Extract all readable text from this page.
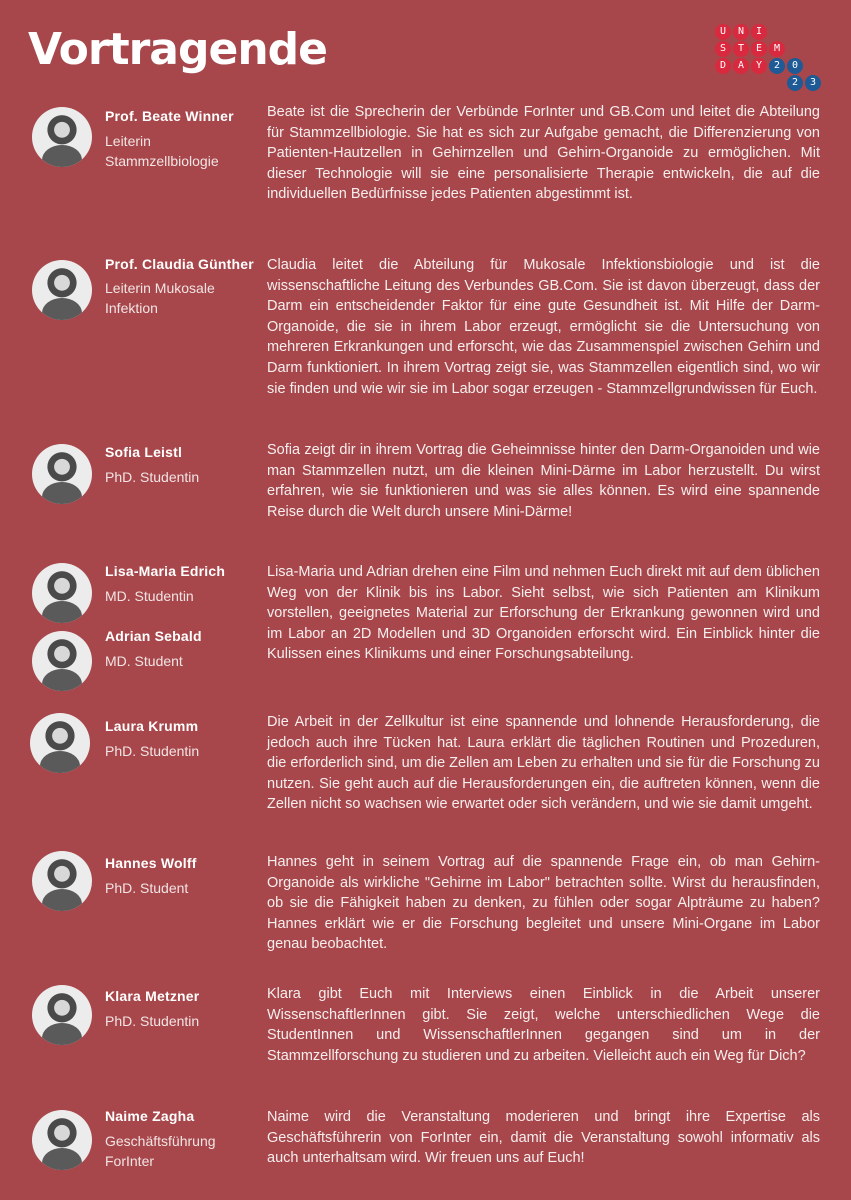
Vortragende	U	N	I
S	T	E	M
D	A	Y	2	0
2	3
Prof. Beate Winner
Leiterin
Stammzellbiologie

Beate ist die Sprecherin der Verbünde ForInter und GB.Com und leitet die Abteilung für Stammzellbiologie. Sie hat es sich zur Aufgabe gemacht, die Differenzierung von Patienten-Hautzellen in Gehirnzellen und Gehirn-Organoide zu ermöglichen. Mit dieser Technologie will sie eine personalisierte Therapie entwickeln, die auf die individuellen Bedürfnisse jedes Patienten abgestimmt ist.

Prof. Claudia Günther
Leiterin Mukosale
Infektion

Claudia leitet die Abteilung für Mukosale Infektionsbiologie und ist die wissenschaftliche Leitung des Verbundes GB.Com. Sie ist davon überzeugt, dass der Darm ein entscheidender Faktor für eine gute Gesundheit ist. Mit Hilfe der Darm-Organoide, die sie in ihrem Labor erzeugt, ermöglicht sie die Untersuchung von mehreren Erkrankungen und erforscht, wie das Zusammenspiel zwischen Gehirn und Darm funktioniert. In ihrem Vortrag zeigt sie, was Stammzellen eigentlich sind, wo wir sie finden und wie wir sie im Labor sogar erzeugen - Stammzellgrundwissen für Euch.

Sofia Leistl
PhD. Studentin

Sofia zeigt dir in ihrem Vortrag die Geheimnisse hinter den Darm-Organoiden und wie man Stammzellen nutzt, um die kleinen Mini-Därme im Labor herzustellt. Du wirst erfahren, wie sie funktionieren und was sie alles können. Es wird eine spannende Reise durch die Welt durch unsere Mini-Därme!

Lisa-Maria Edrich
MD. Studentin
Adrian Sebald
MD. Student

Lisa-Maria und Adrian drehen eine Film und nehmen Euch direkt mit auf dem üblichen Weg von der Klinik bis ins Labor. Sieht selbst, wie sich Patienten am Klinikum vorstellen, geeignetes Material zur Erforschung der Erkrankung gewonnen wird und im Labor an 2D Modellen und 3D Organoiden erforscht wird. Ein Einblick hinter die Kulissen eines Klinikums und einer Forschungsabteilung.

Laura Krumm
PhD. Studentin

Die Arbeit in der Zellkultur ist eine spannende und lohnende Herausforderung, die jedoch auch ihre Tücken hat. Laura erklärt die täglichen Routinen und Prozeduren, die erforderlich sind, um die Zellen am Leben zu erhalten und sie für die Forschung zu nutzen. Sie geht auch auf die Herausforderungen ein, die auftreten können, wenn die Zellen nicht so wachsen wie erwartet oder sich verändern, und wie sie damit umgeht.

Hannes Wolff
PhD. Student

Hannes geht in seinem Vortrag auf die spannende Frage ein, ob man Gehirn-Organoide als wirkliche "Gehirne im Labor" betrachten sollte. Wirst du herausfinden, ob sie die Fähigkeit haben zu denken, zu fühlen oder sogar Alpträume zu haben? Hannes erklärt wie er die Forschung begleitet und unsere Mini-Organe im Labor genau beobachtet.

Klara Metzner
PhD. Studentin

Klara gibt Euch mit Interviews einen Einblick in die Arbeit unserer WissenschaftlerInnen gibt. Sie zeigt, welche unterschiedlichen Wege die StudentInnen und WissenschaftlerInnen gegangen sind um in der Stammzellforschung zu studieren und zu arbeiten. Vielleicht auch ein Weg für Dich?

Naime Zagha
Geschäftsführung
ForInter

Naime wird die Veranstaltung moderieren und bringt ihre Expertise als Geschäftsführerin von ForInter ein, damit die Veranstaltung sowohl informativ als auch unterhaltsam wird. Wir freuen uns auf Euch!
